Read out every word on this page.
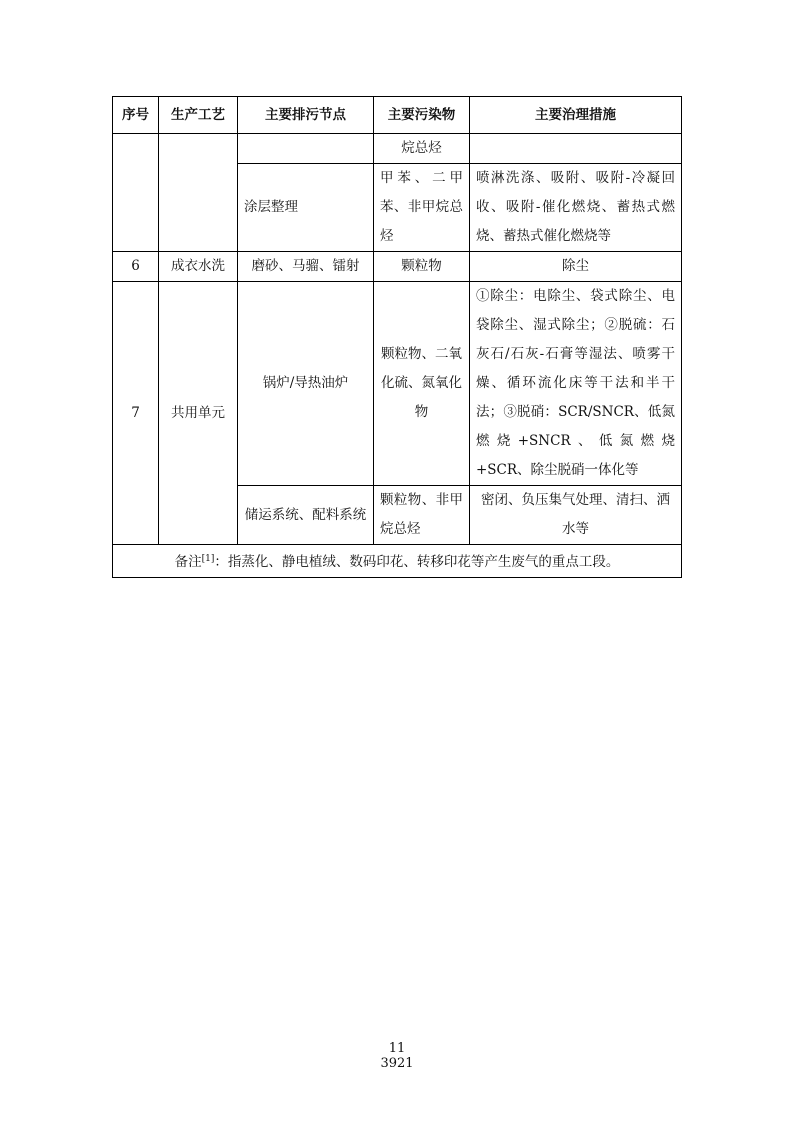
序号	生产工艺	主要排污节点	主要污染物	主要治理措施
			烷总烃	
		涂层整理	甲苯、二甲苯、非甲烷总烃	喷淋洗涤、吸附、吸附-冷凝回收、吸附-催化燃烧、蓄热式燃烧、蓄热式催化燃烧等
6	成衣水洗	磨砂、马骝、镭射	颗粒物	除尘
7	共用单元	锅炉/导热油炉	颗粒物、二氧化硫、氮氧化物	①除尘：电除尘、袋式除尘、电袋除尘、湿式除尘；②脱硫：石灰石/石灰-石膏等湿法、喷雾干燥、循环流化床等干法和半干法；③脱硝：SCR/SNCR、低氮燃烧+SNCR、低氮燃烧+SCR、除尘脱硝一体化等
		储运系统、配料系统	颗粒物、非甲烷总烃	密闭、负压集气处理、清扫、洒水等
备注[1]：指蒸化、静电植绒、数码印花、转移印花等产生废气的重点工段。				
11
3921
